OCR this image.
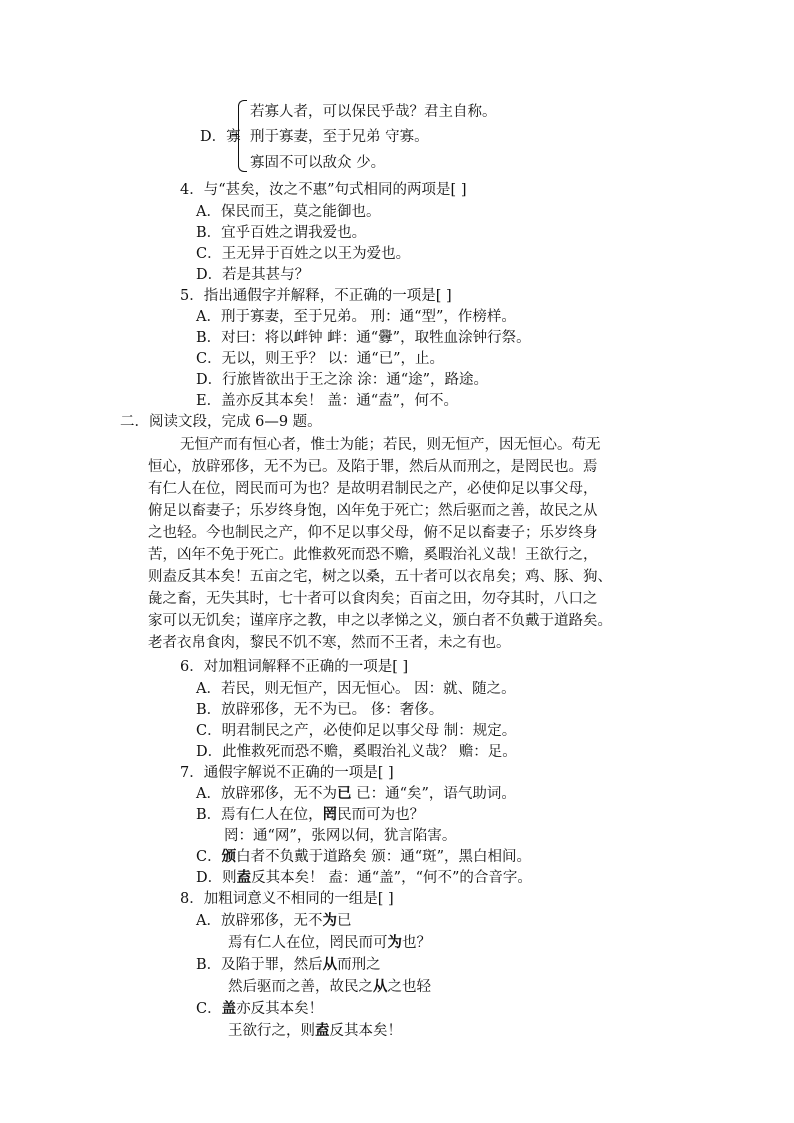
D．寡
若寡人者，可以保民乎哉？君主自称。
刑于寡妻，至于兄弟 守寡。
寡固不可以敌众 少。
4．与“甚矣，汝之不惠”句式相同的两项是[ ]
A．保民而王，莫之能御也。
B．宜乎百姓之谓我爱也。
C．王无异于百姓之以王为爱也。
D．若是其甚与？
5．指出通假字并解释，不正确的一项是[ ]
A．刑于寡妻，至于兄弟。 刑：通“型”，作榜样。
B．对曰：将以衅钟 衅：通“釁”，取牲血涂钟行祭。
C．无以，则王乎？ 以：通“已”，止。
D．行旅皆欲出于王之涂 涂：通“途”，路途。
E．盖亦反其本矣！ 盖：通“盍”，何不。
二．阅读文段，完成 6—9 题。
无恒产而有恒心者，惟士为能；若民，则无恒产，因无恒心。苟无
恒心，放辟邪侈，无不为已。及陷于罪，然后从而刑之，是罔民也。焉
有仁人在位，罔民而可为也？是故明君制民之产，必使仰足以事父母，
俯足以畜妻子；乐岁终身饱，凶年免于死亡；然后驱而之善，故民之从
之也轻。今也制民之产，仰不足以事父母，俯不足以畜妻子；乐岁终身
苦，凶年不免于死亡。此惟救死而恐不赡，奚暇治礼义哉！王欲行之，
则盍反其本矣！五亩之宅，树之以桑，五十者可以衣帛矣；鸡、豚、狗、
彘之畜，无失其时，七十者可以食肉矣；百亩之田，勿夺其时，八口之
家可以无饥矣；谨庠序之教，申之以孝悌之义，颁白者不负戴于道路矣。
老者衣帛食肉，黎民不饥不寒，然而不王者，未之有也。
6．对加粗词解释不正确的一项是[ ]
A．若民，则无恒产，因无恒心。 因：就、随之。
B．放辟邪侈，无不为已。 侈：奢侈。
C．明君制民之产，必使仰足以事父母 制：规定。
D．此惟救死而恐不赡，奚暇治礼义哉？ 赡：足。
7．通假字解说不正确的一项是[ ]
A．放辟邪侈，无不为已 已：通“矣”，语气助词。
B．焉有仁人在位，罔民而可为也？
罔：通“网”，张网以伺，犹言陷害。
C．颁白者不负戴于道路矣 颁：通“斑”，黑白相间。
D．则盍反其本矣！ 盍：通“盖”，“何不”的合音字。
8．加粗词意义不相同的一组是[ ]
A．放辟邪侈，无不为已
焉有仁人在位，罔民而可为也？
B．及陷于罪，然后从而刑之
然后驱而之善，故民之从之也轻
C．盖亦反其本矣！
王欲行之，则盍反其本矣！
